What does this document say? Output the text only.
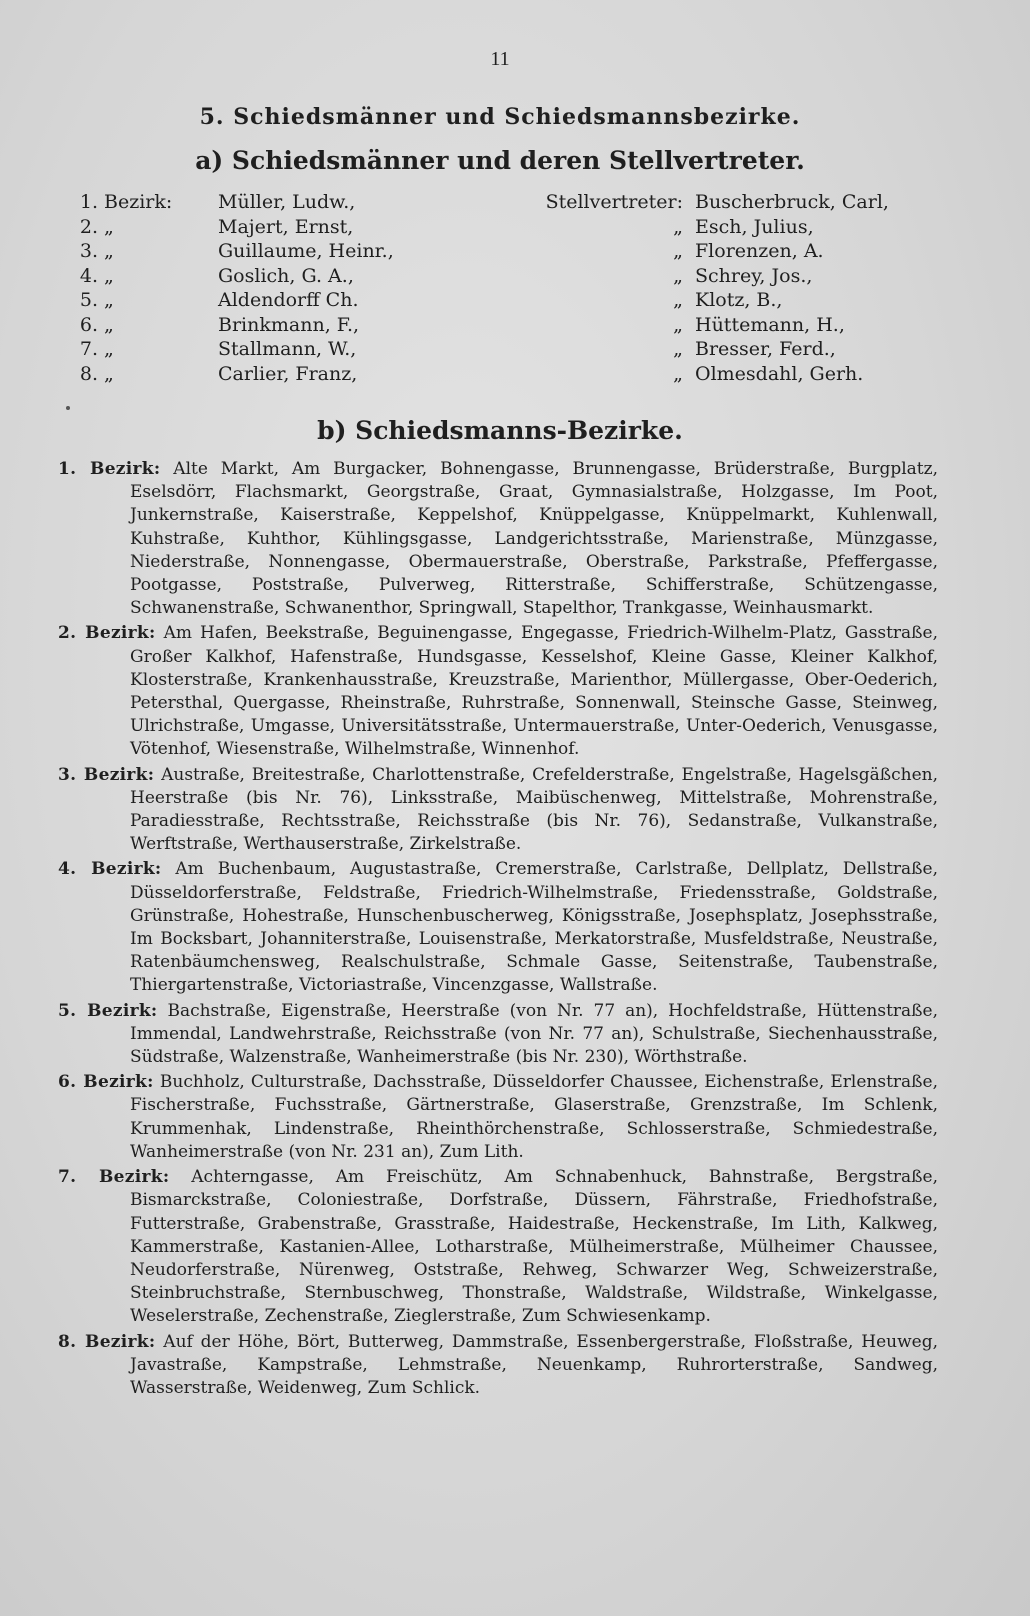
11
5. Schiedsmänner und Schiedsmannsbezirke.
a) Schiedsmänner und deren Stellvertreter.
1. Bezirk:	Müller, Ludw.,	Stellvertreter: Buscherbruck, Carl,
2. „	Majert, Ernst,	„ Esch, Julius,
3. „	Guillaume, Heinr.,	„ Florenzen, A.
4. „	Goslich, G. A.,	„ Schrey, Jos.,
5. „	Aldendorff Ch.	„ Klotz, B.,
6. „	Brinkmann, F.,	„ Hüttemann, H.,
7. „	Stallmann, W.,	„ Bresser, Ferd.,
8. „	Carlier, Franz,	„ Olmesdahl, Gerh.
b) Schiedsmanns-Bezirke.

1. Bezirk: Alte Markt, Am Burgacker, Bohnengasse, Brunnengasse, Brüderstraße, Burgplatz, Eselsdörr, Flachsmarkt, Georgstraße, Graat, Gymnasialstraße, Holzgasse, Im Poot, Junkernstraße, Kaiserstraße, Keppelshof, Knüppelgasse, Knüppelmarkt, Kuhlenwall, Kuhstraße, Kuhthor, Kühlingsgasse, Landgerichtsstraße, Marienstraße, Münzgasse, Niederstraße, Nonnengasse, Obermauerstraße, Oberstraße, Parkstraße, Pfeffergasse, Pootgasse, Poststraße, Pulverweg, Ritterstraße, Schifferstraße, Schützengasse, Schwanenstraße, Schwanenthor, Springwall, Stapelthor, Trankgasse, Weinhausmarkt.

2. Bezirk: Am Hafen, Beekstraße, Beguinengasse, Engegasse, Friedrich-Wilhelm-Platz, Gasstraße, Großer Kalkhof, Hafenstraße, Hundsgasse, Kesselshof, Kleine Gasse, Kleiner Kalkhof, Klosterstraße, Krankenhausstraße, Kreuzstraße, Marienthor, Müllergasse, Ober-Oederich, Petersthal, Quergasse, Rheinstraße, Ruhrstraße, Sonnenwall, Steinsche Gasse, Steinweg, Ulrichstraße, Umgasse, Universitätsstraße, Untermauerstraße, Unter-Oederich, Venusgasse, Vötenhof, Wiesenstraße, Wilhelmstraße, Winnenhof.

3. Bezirk: Austraße, Breitestraße, Charlottenstraße, Crefelderstraße, Engelstraße, Hagelsgäßchen, Heerstraße (bis Nr. 76), Linksstraße, Maibüschenweg, Mittelstraße, Mohrenstraße, Paradiesstraße, Rechtsstraße, Reichsstraße (bis Nr. 76), Sedanstraße, Vulkanstraße, Werftstraße, Werthauserstraße, Zirkelstraße.

4. Bezirk: Am Buchenbaum, Augustastraße, Cremerstraße, Carlstraße, Dellplatz, Dellstraße, Düsseldorferstraße, Feldstraße, Friedrich-Wilhelmstraße, Friedensstraße, Goldstraße, Grünstraße, Hohestraße, Hunschenbuscherweg, Königsstraße, Josephsplatz, Josephsstraße, Im Bocksbart, Johanniterstraße, Louisenstraße, Merkatorstraße, Musfeldstraße, Neustraße, Ratenbäumchensweg, Realschulstraße, Schmale Gasse, Seitenstraße, Taubenstraße, Thiergartenstraße, Victoriastraße, Vincenzgasse, Wallstraße.

5. Bezirk: Bachstraße, Eigenstraße, Heerstraße (von Nr. 77 an), Hochfeldstraße, Hüttenstraße, Immendal, Landwehrstraße, Reichsstraße (von Nr. 77 an), Schulstraße, Siechenhausstraße, Südstraße, Walzenstraße, Wanheimerstraße (bis Nr. 230), Wörthstraße.

6. Bezirk: Buchholz, Culturstraße, Dachsstraße, Düsseldorfer Chaussee, Eichenstraße, Erlenstraße, Fischerstraße, Fuchsstraße, Gärtnerstraße, Glaserstraße, Grenzstraße, Im Schlenk, Krummenhak, Lindenstraße, Rheinthörchenstraße, Schlosserstraße, Schmiedestraße, Wanheimerstraße (von Nr. 231 an), Zum Lith.

7. Bezirk: Achterngasse, Am Freischütz, Am Schnabenhuck, Bahnstraße, Bergstraße, Bismarckstraße, Coloniestraße, Dorfstraße, Düssern, Fährstraße, Friedhofstraße, Futterstraße, Grabenstraße, Grasstraße, Haidestraße, Heckenstraße, Im Lith, Kalkweg, Kammerstraße, Kastanien-Allee, Lotharstraße, Mülheimerstraße, Mülheimer Chaussee, Neudorferstraße, Nürenweg, Oststraße, Rehweg, Schwarzer Weg, Schweizerstraße, Steinbruchstraße, Sternbuschweg, Thonstraße, Waldstraße, Wildstraße, Winkelgasse, Weselerstraße, Zechenstraße, Zieglerstraße, Zum Schwiesenkamp.

8. Bezirk: Auf der Höhe, Bört, Butterweg, Dammstraße, Essenbergerstraße, Floßstraße, Heuweg, Javastraße, Kampstraße, Lehmstraße, Neuenkamp, Ruhrorterstraße, Sandweg, Wasserstraße, Weidenweg, Zum Schlick.
